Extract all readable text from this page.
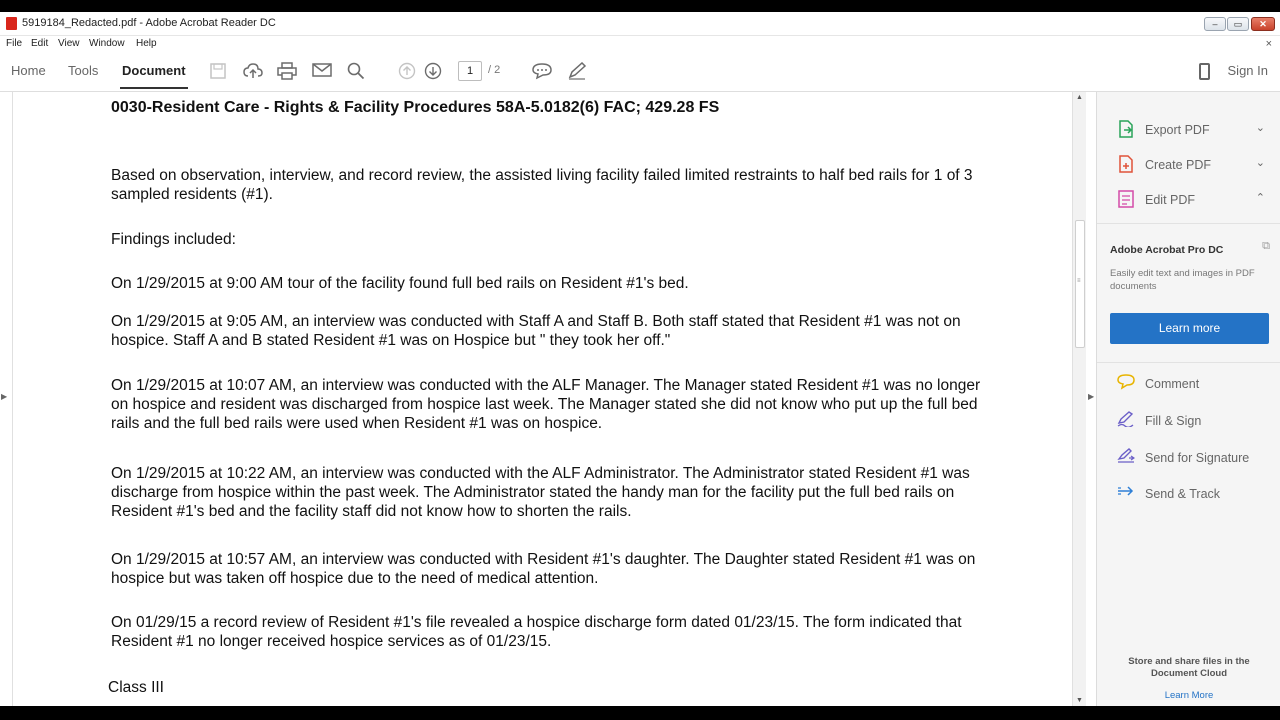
5919184_Redacted.pdf - Adobe Acrobat Reader DC	–	▭	✕
File Edit View Window Help	×
Home Tools Document	1	/ 2	Sign In
▶
0030-Resident Care - Rights & Facility Procedures 58A-5.0182(6) FAC; 429.28 FS
Based on observation, interview, and record review, the assisted living facility failed limited restraints to half bed rails for 1 of 3 sampled residents (#1).
Findings included:
On 1/29/2015 at 9:00 AM tour of the facility found full bed rails on Resident #1's bed.
On 1/29/2015 at 9:05 AM, an interview was conducted with Staff A and Staff B. Both staff stated that Resident #1 was not on hospice. Staff A and B stated Resident #1 was on Hospice but " they took her off."
On 1/29/2015 at 10:07 AM, an interview was conducted with the ALF Manager. The Manager stated Resident #1 was no longer on hospice and resident was discharged from hospice last week. The Manager stated she did not know who put up the full bed rails and the full bed rails were used when Resident #1 was on hospice.
On 1/29/2015 at 10:22 AM, an interview was conducted with the ALF Administrator. The Administrator stated Resident #1 was discharge from hospice within the past week. The Administrator stated the handy man for the facility put the full bed rails on Resident #1's bed and the facility staff did not know how to shorten the rails.
On 1/29/2015 at 10:57 AM, an interview was conducted with Resident #1's daughter. The Daughter stated Resident #1 was on hospice but was taken off hospice due to the need of medical attention.
On 01/29/15 a record review of Resident #1's file revealed a hospice discharge form dated 01/23/15. The form indicated that Resident #1 no longer received hospice services as of 01/23/15.
Class III
▲
≡
▼
▶
Export PDF	⌄
Create PDF	⌄
Edit PDF	⌃
Adobe Acrobat Pro DC	⧉
Easily edit text and images in PDF documents
Learn more
Comment
Fill & Sign
Send for Signature
Send & Track
Store and share files in the Document Cloud
Learn More
